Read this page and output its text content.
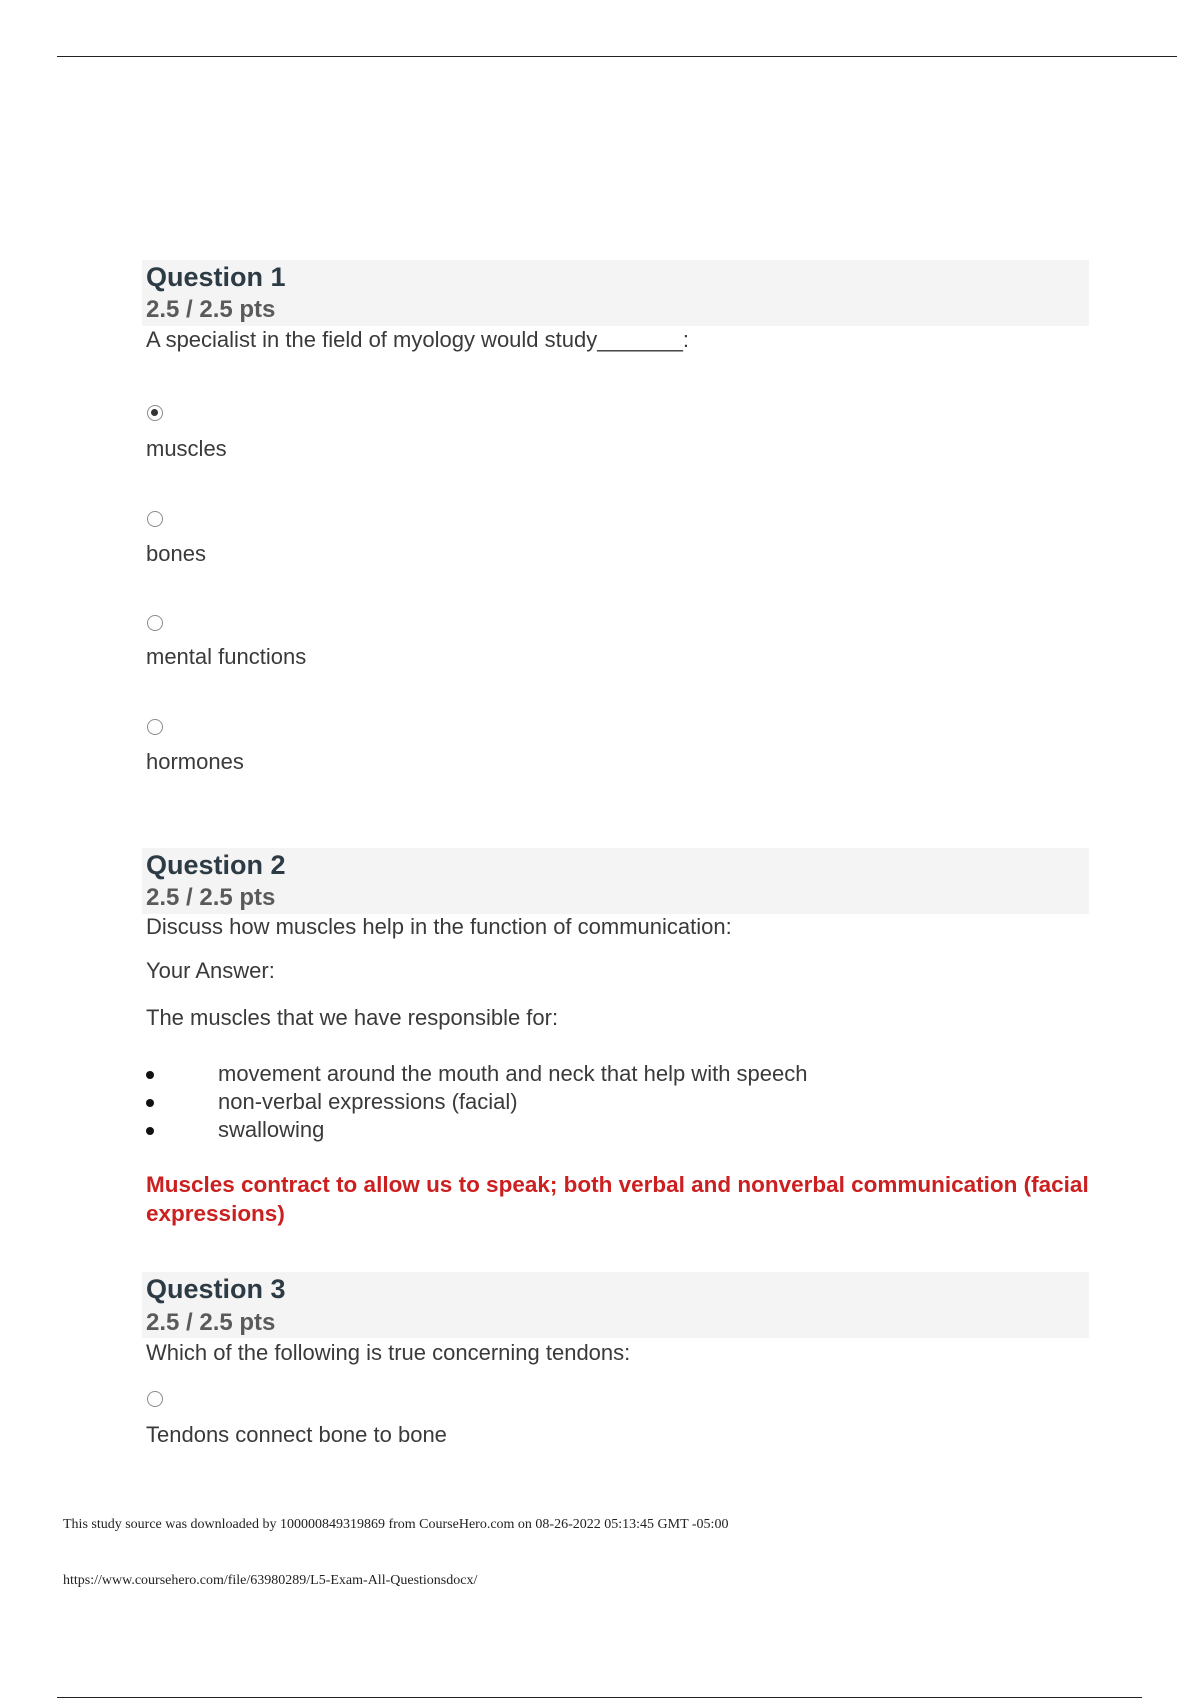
Question 1
2.5 / 2.5 pts
A specialist in the field of myology would study_______:
muscles
bones
mental functions
hormones
Question 2
2.5 / 2.5 pts
Discuss how muscles help in the function of communication:
Your Answer:
The muscles that we have responsible for:
movement around the mouth and neck that help with speech
non-verbal expressions (facial)
swallowing
Muscles contract to allow us to speak; both verbal and nonverbal communication (facial expressions)
Question 3
2.5 / 2.5 pts
Which of the following is true concerning tendons:
Tendons connect bone to bone
This study source was downloaded by 100000849319869 from CourseHero.com on 08-26-2022 05:13:45 GMT -05:00
https://www.coursehero.com/file/63980289/L5-Exam-All-Questionsdocx/
